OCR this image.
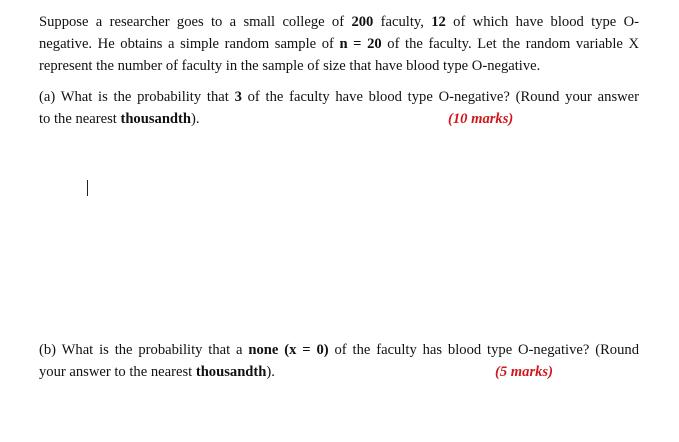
Suppose a researcher goes to a small college of 200 faculty, 12 of which have blood type O-
negative. He obtains a simple random sample of n = 20 of the faculty. Let the random variable X
represent the number of faculty in the sample of size that have blood type O-negative.
(a) What is the probability that 3 of the faculty have blood type O-negative? (Round your answer
to the nearest thousandth).	(10 marks)
(b) What is the probability that a none (x = 0) of the faculty has blood type O-negative? (Round
your answer to the nearest thousandth).	(5 marks)
